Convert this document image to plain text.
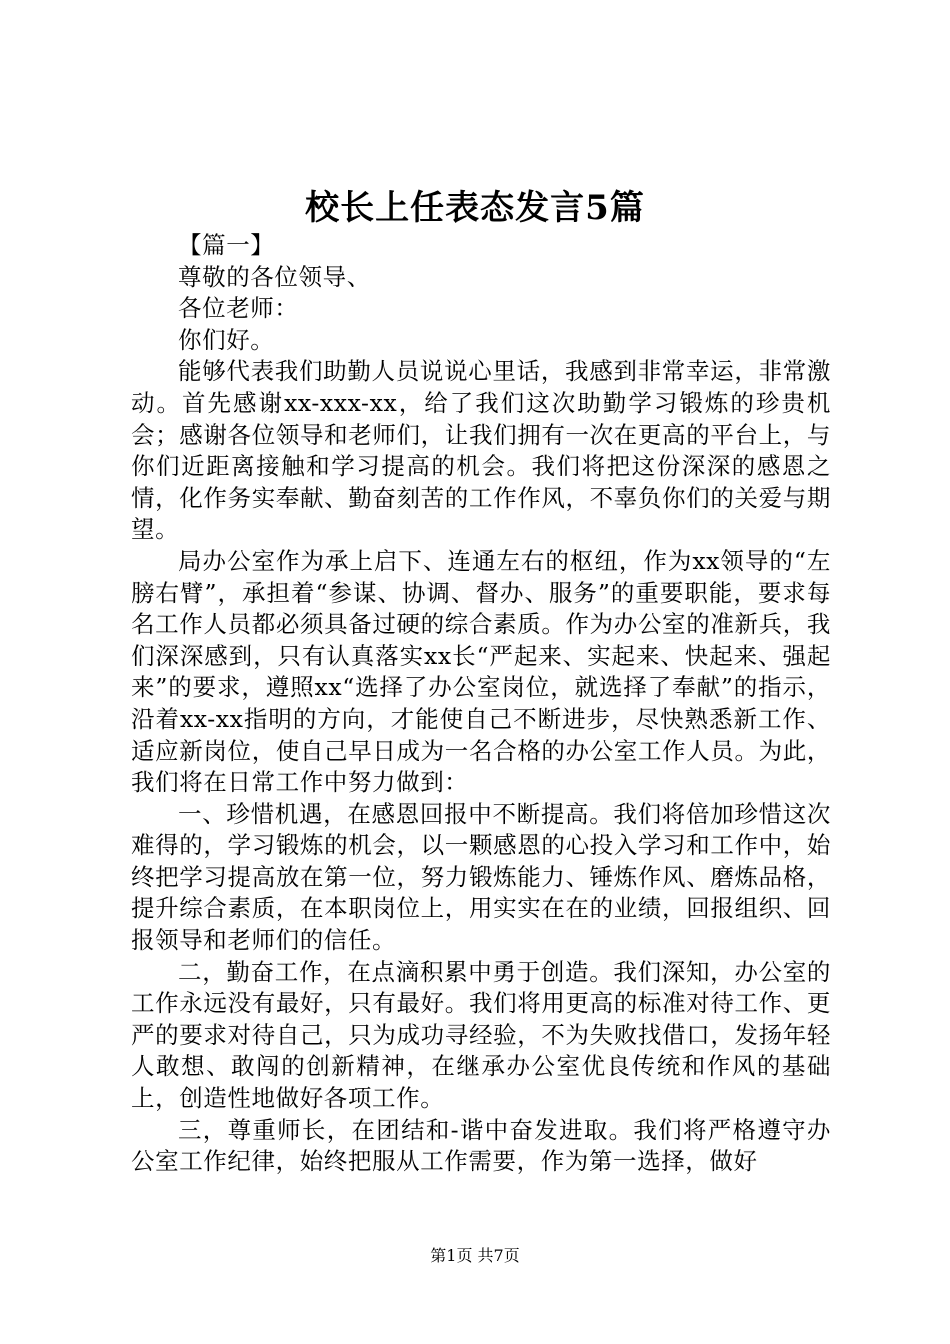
校长上任表态发言5篇

【篇一】

尊敬的各位领导、

各位老师：

你们好。

能够代表我们助勤人员说说心里话，我感到非常幸运，非常激动。首先感谢xx-xxx-xx，给了我们这次助勤学习锻炼的珍贵机会；感谢各位领导和老师们，让我们拥有一次在更高的平台上，与你们近距离接触和学习提高的机会。我们将把这份深深的感恩之情，化作务实奉献、勤奋刻苦的工作作风，不辜负你们的关爱与期望。

局办公室作为承上启下、连通左右的枢纽，作为xx领导的“左膀右臂”，承担着“参谋、协调、督办、服务”的重要职能，要求每名工作人员都必须具备过硬的综合素质。作为办公室的准新兵，我们深深感到，只有认真落实xx长“严起来、实起来、快起来、强起来”的要求，遵照xx“选择了办公室岗位，就选择了奉献”的指示，沿着xx-xx指明的方向，才能使自己不断进步，尽快熟悉新工作、适应新岗位，使自己早日成为一名合格的办公室工作人员。为此，我们将在日常工作中努力做到：

一、珍惜机遇，在感恩回报中不断提高。我们将倍加珍惜这次难得的，学习锻炼的机会，以一颗感恩的心投入学习和工作中，始终把学习提高放在第一位，努力锻炼能力、锤炼作风、磨炼品格，提升综合素质，在本职岗位上，用实实在在的业绩，回报组织、回报领导和老师们的信任。

二，勤奋工作，在点滴积累中勇于创造。我们深知，办公室的工作永远没有最好，只有最好。我们将用更高的标准对待工作、更严的要求对待自己，只为成功寻经验，不为失败找借口，发扬年轻人敢想、敢闯的创新精神，在继承办公室优良传统和作风的基础上，创造性地做好各项工作。

三，尊重师长，在团结和-谐中奋发进取。我们将严格遵守办公室工作纪律，始终把服从工作需要，作为第一选择，做好

第1页 共7页
